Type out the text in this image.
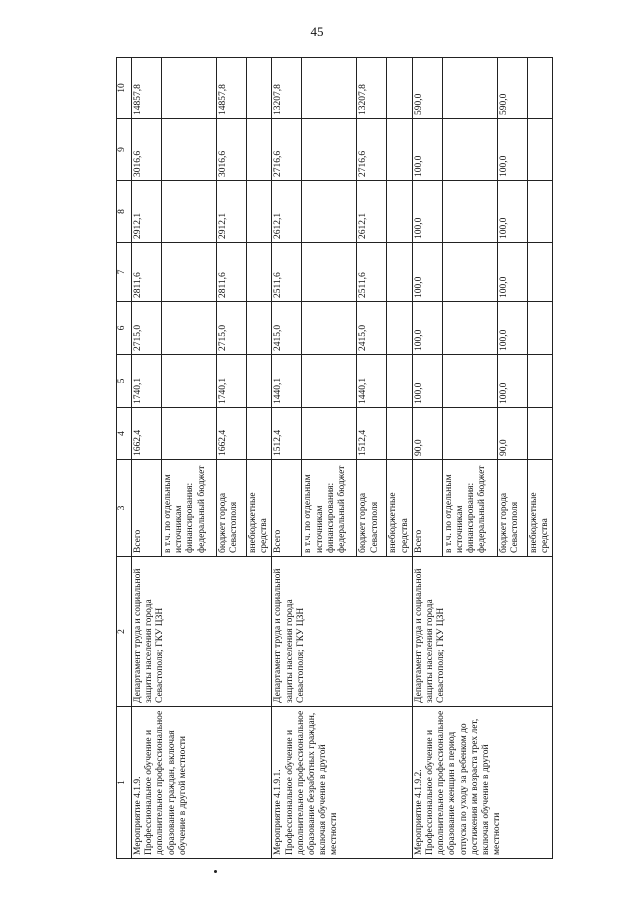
45
1	2	3	4	5	6	7	8	9	10
Мероприятие 4.1.9. Профессиональное обучение и дополнительное профессиональное образование граждан, включая обучение в другой местности	Департамент труда и социальной защиты населения города Севастополя; ГКУ ЦЗН	Всего	1662,4	1740,1	2715,0	2811,6	2912,1	3016,6	14857,8
		в т.ч. по отдельным источникам финансирования: федеральный бюджет							
		бюджет города Севастополя	1662,4	1740,1	2715,0	2811,6	2912,1	3016,6	14857,8
		внебюджетные средства							
Мероприятие 4.1.9.1. Профессиональное обучение и дополнительное профессиональное образование безработных граждан, включая обучение в другой местности	Департамент труда и социальной защиты населения города Севастополя; ГКУ ЦЗН	Всего	1512,4	1440,1	2415,0	2511,6	2612,1	2716,6	13207,8
		в т.ч. по отдельным источникам финансирования: федеральный бюджет							
		бюджет города Севастополя	1512,4	1440,1	2415,0	2511,6	2612,1	2716,6	13207,8
		внебюджетные средства							
Мероприятие 4.1.9.2. Профессиональное обучение и дополнительное профессиональное образование женщин в период отпуска по уходу за ребенком до достижения им возраста трех лет, включая обучение в другой местности	Департамент труда и социальной защиты населения города Севастополя; ГКУ ЦЗН	Всего	90,0	100,0	100,0	100,0	100,0	100,0	590,0
		в т.ч. по отдельным источникам финансирования: федеральный бюджет							
		бюджет города Севастополя	90,0	100,0	100,0	100,0	100,0	100,0	590,0
		внебюджетные средства							
